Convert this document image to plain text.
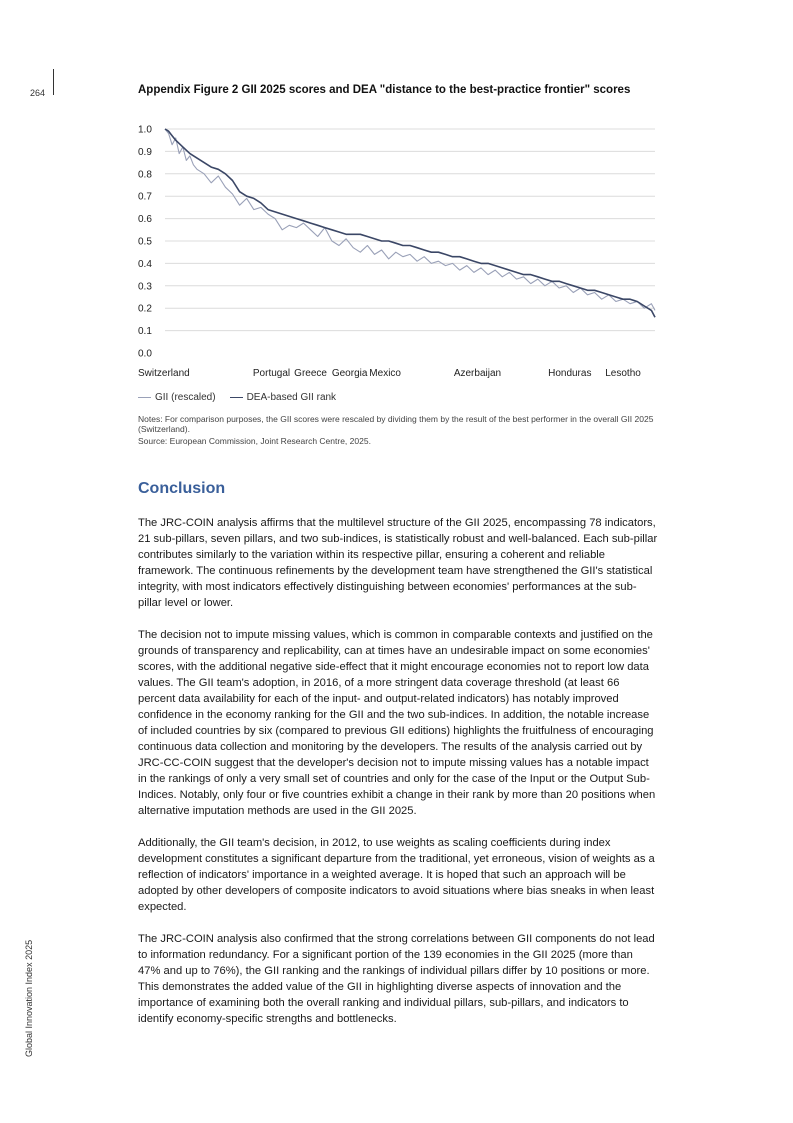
264
Global Innovation Index 2025
Appendix Figure 2 GII 2025 scores and DEA "distance to the best-practice frontier" scores
0.0
0.1
0.2
0.3
0.4
0.5
0.6
0.7
0.8
0.9
1.0
Switzerland	Portugal Greece Georgia Mexico	Azerbaijan	Honduras Lesotho
GII (rescaled)	DEA-based GII rank

Notes: For comparison purposes, the GII scores were rescaled by dividing them by the result of the best performer in the overall GII 2025 (Switzerland).

Source: European Commission, Joint Research Centre, 2025.

Conclusion

The JRC-COIN analysis affirms that the multilevel structure of the GII 2025, encompassing 78 indicators, 21 sub-pillars, seven pillars, and two sub-indices, is statistically robust and well-balanced. Each sub-pillar contributes similarly to the variation within its respective pillar, ensuring a coherent and reliable framework. The continuous refinements by the development team have strengthened the GII's statistical integrity, with most indicators effectively distinguishing between economies' performances at the sub-pillar level or lower.

The decision not to impute missing values, which is common in comparable contexts and justified on the grounds of transparency and replicability, can at times have an undesirable impact on some economies' scores, with the additional negative side-effect that it might encourage economies not to report low data values. The GII team's adoption, in 2016, of a more stringent data coverage threshold (at least 66 percent data availability for each of the input- and output-related indicators) has notably improved confidence in the economy ranking for the GII and the two sub-indices. In addition, the notable increase of included countries by six (compared to previous GII editions) highlights the fruitfulness of encouraging continuous data collection and monitoring by the developers. The results of the analysis carried out by JRC-CC-COIN suggest that the developer's decision not to impute missing values has a notable impact in the rankings of only a very small set of countries and only for the case of the Input or the Output Sub-Indices. Notably, only four or five countries exhibit a change in their rank by more than 20 positions when alternative imputation methods are used in the GII 2025.

Additionally, the GII team's decision, in 2012, to use weights as scaling coefficients during index development constitutes a significant departure from the traditional, yet erroneous, vision of weights as a reflection of indicators' importance in a weighted average. It is hoped that such an approach will be adopted by other developers of composite indicators to avoid situations where bias sneaks in when least expected.

The JRC-COIN analysis also confirmed that the strong correlations between GII components do not lead to information redundancy. For a significant portion of the 139 economies in the GII 2025 (more than 47% and up to 76%), the GII ranking and the rankings of individual pillars differ by 10 positions or more. This demonstrates the added value of the GII in highlighting diverse aspects of innovation and the importance of examining both the overall ranking and individual pillars, sub-pillars, and indicators to identify economy-specific strengths and bottlenecks.
